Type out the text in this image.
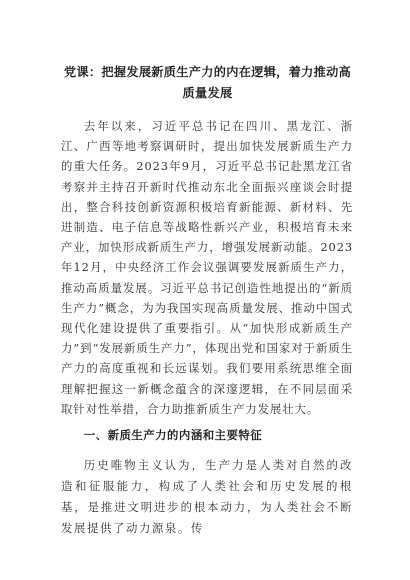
党课：把握发展新质生产力的内在逻辑，着力推动高质量发展

去年以来，习近平总书记在四川、黑龙江、浙江、广西等地考察调研时，提出加快发展新质生产力的重大任务。2023年9月，习近平总书记赴黑龙江省考察并主持召开新时代推动东北全面振兴座谈会时提出，整合科技创新资源积极培育新能源、新材料、先进制造、电子信息等战略性新兴产业，积极培育未来产业，加快形成新质生产力，增强发展新动能。2023年12月，中央经济工作会议强调要发展新质生产力，推动高质量发展。习近平总书记创造性地提出的“新质生产力”概念，为为我国实现高质量发展、推动中国式现代化建设提供了重要指引。从“加快形成新质生产力”到“发展新质生产力”，体现出党和国家对于新质生产力的高度重视和长远谋划。我们要用系统思维全面理解把握这一新概念蕴含的深邃逻辑，在不同层面采取针对性举措，合力助推新质生产力发展壮大。

一、新质生产力的内涵和主要特征

历史唯物主义认为，生产力是人类对自然的改造和征服能力，构成了人类社会和历史发展的根基，是推进文明进步的根本动力，为人类社会不断发展提供了动力源泉。传
